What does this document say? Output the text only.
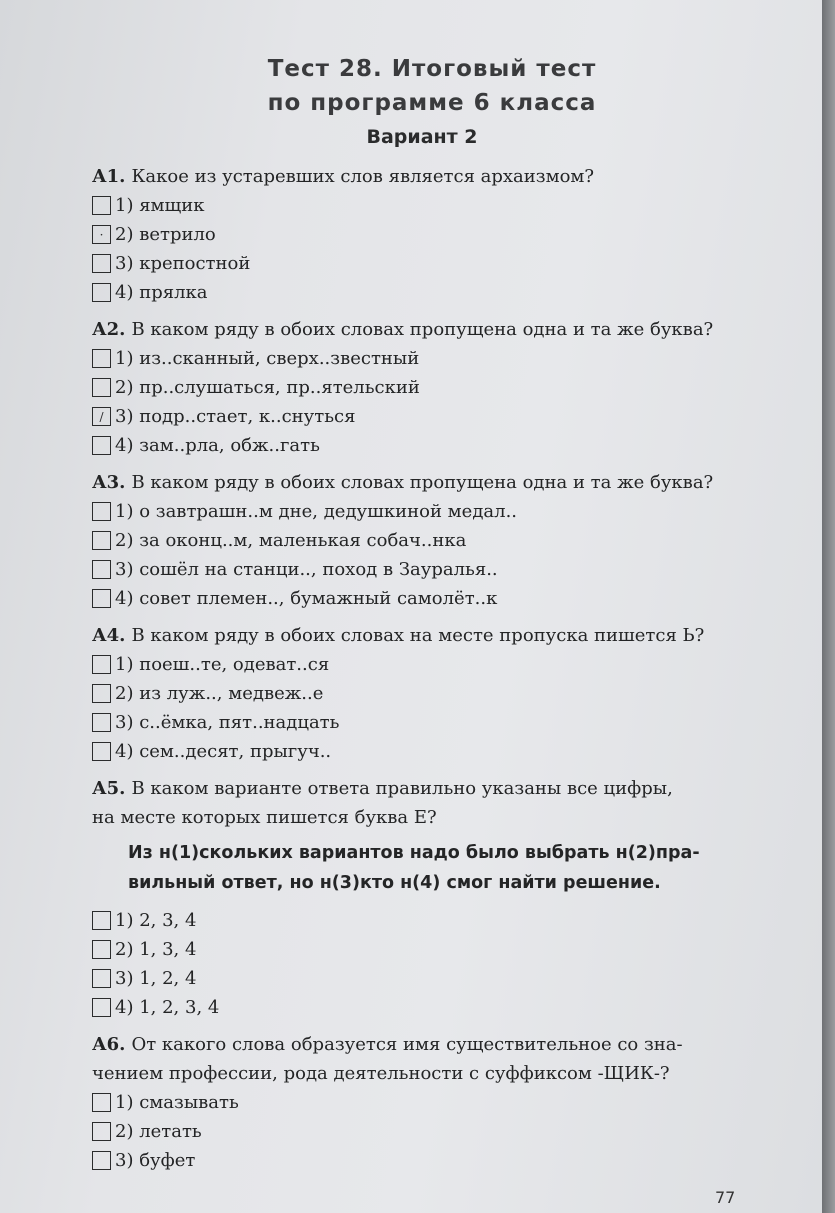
Тест 28. Итоговый тест
по программе 6 класса
Вариант 2

А1. Какое из устаревших слов является архаизмом?

1) ямщик
· 2) ветрило
3) крепостной
4) прялка

А2. В каком ряду в обоих словах пропущена одна и та же буква?

1) из..сканный, сверх..звестный
2) пр..слушаться, пр..ятельский
/ 3) подр..стает, к..снуться
4) зам..рла, обж..гать

А3. В каком ряду в обоих словах пропущена одна и та же буква?

1) о завтрашн..м дне, дедушкиной медал..
2) за оконц..м, маленькая собач..нка
3) сошёл на станци.., поход в Зауралья..
4) совет племен.., бумажный самолёт..к

А4. В каком ряду в обоих словах на месте пропуска пишется Ь?

1) поеш..те, одеват..ся
2) из луж.., медвеж..е
3) с..ёмка, пят..надцать
4) сем..десят, прыгуч..

А5. В каком варианте ответа правильно указаны все цифры,

на месте которых пишется буква Е?

Из н(1)скольких вариантов надо было выбрать н(2)пра-
вильный ответ, но н(3)кто н(4) смог найти решение.
1) 2, 3, 4
2) 1, 3, 4
3) 1, 2, 4
4) 1, 2, 3, 4

А6. От какого слова образуется имя существительное со зна-

чением профессии, рода деятельности с суффиксом -ЩИК-?

1) смазывать
2) летать
3) буфет
77
